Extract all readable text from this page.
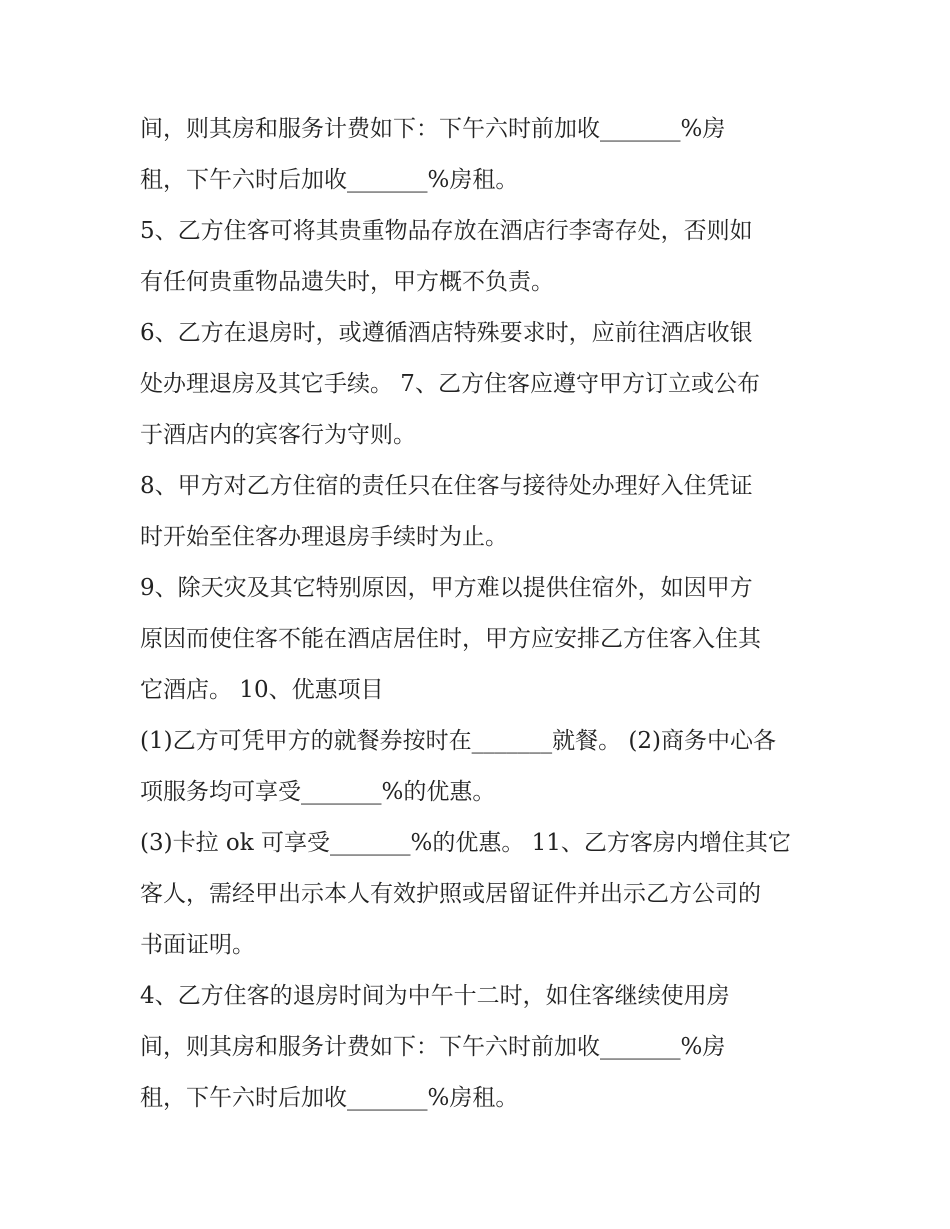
间，则其房和服务计费如下：下午六时前加收_______%房
租，下午六时后加收_______%房租。
5、乙方住客可将其贵重物品存放在酒店行李寄存处，否则如
有任何贵重物品遗失时，甲方概不负责。
6、乙方在退房时，或遵循酒店特殊要求时，应前往酒店收银
处办理退房及其它手续。 7、乙方住客应遵守甲方订立或公布
于酒店内的宾客行为守则。
8、甲方对乙方住宿的责任只在住客与接待处办理好入住凭证
时开始至住客办理退房手续时为止。
9、除天灾及其它特别原因，甲方难以提供住宿外，如因甲方
原因而使住客不能在酒店居住时，甲方应安排乙方住客入住其
它酒店。 10、优惠项目
(1)乙方可凭甲方的就餐券按时在_______就餐。 (2)商务中心各
项服务均可享受_______%的优惠。
(3)卡拉 ok 可享受_______%的优惠。 11、乙方客房内增住其它
客人，需经甲出示本人有效护照或居留证件并出示乙方公司的
书面证明。
4、乙方住客的退房时间为中午十二时，如住客继续使用房
间，则其房和服务计费如下：下午六时前加收_______%房
租，下午六时后加收_______%房租。
